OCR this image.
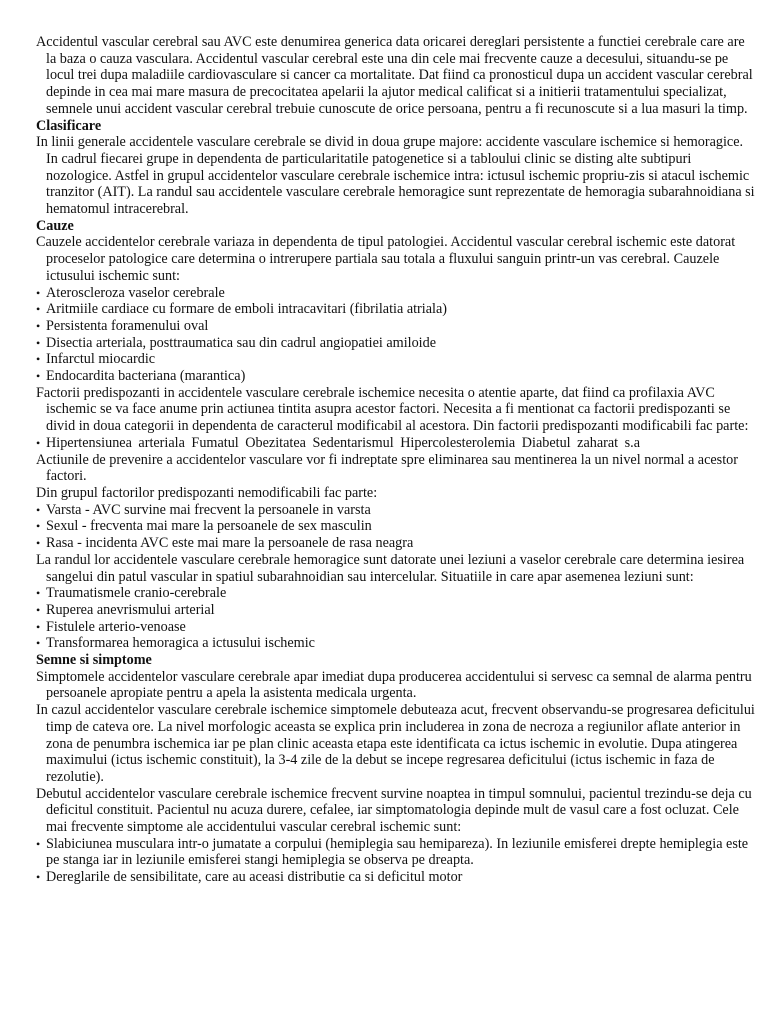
Accidentul vascular cerebral sau AVC este denumirea generica data oricarei dereglari persistente a functiei cerebrale care are la baza o cauza vasculara. Accidentul vascular cerebral este una din cele mai frecvente cauze a decesului, situandu-se pe locul trei dupa maladiile cardiovasculare si cancer ca mortalitate. Dat fiind ca pronosticul dupa un accident vascular cerebral depinde in cea mai mare masura de precocitatea apelarii la ajutor medical calificat si a initierii tratamentului specializat, semnele unui accident vascular cerebral trebuie cunoscute de orice persoana, pentru a fi recunoscute si a lua masuri la timp.

Clasificare

In linii generale accidentele vasculare cerebrale se divid in doua grupe majore: accidente vasculare ischemice si hemoragice. In cadrul fiecarei grupe in dependenta de particularitatile patogenetice si a tabloului clinic se disting alte subtipuri nozologice. Astfel in grupul accidentelor vasculare cerebrale ischemice intra: ictusul ischemic propriu-zis si atacul ischemic tranzitor (AIT). La randul sau accidentele vasculare cerebrale hemoragice sunt reprezentate de hemoragia subarahnoidiana si hematomul intracerebral.

Cauze

Cauzele accidentelor cerebrale variaza in dependenta de tipul patologiei. Accidentul vascular cerebral ischemic este datorat proceselor patologice care determina o intrerupere partiala sau totala a fluxului sanguin printr-un vas cerebral. Cauzele ictusului ischemic sunt:

• Ateroscleroza vaselor cerebrale
• Aritmiile cardiace cu formare de emboli intracavitari (fibrilatia atriala)
• Persistenta foramenului oval
• Disectia arteriala, posttraumatica sau din cadrul angiopatiei amiloide
• Infarctul miocardic
• Endocardita bacteriana (marantica)

Factorii predispozanti in accidentele vasculare cerebrale ischemice necesita o atentie aparte, dat fiind ca profilaxia AVC ischemic se va face anume prin actiunea tintita asupra acestor factori. Necesita a fi mentionat ca factorii predispozanti se divid in doua categorii in dependenta de caracterul modificabil al acestora. Din factorii predispozanti modificabili fac parte:

• Hipertensiunea arteriala Fumatul Obezitatea Sedentarismul Hipercolesterolemia Diabetul zaharat s.a

Actiunile de prevenire a accidentelor vasculare vor fi indreptate spre eliminarea sau mentinerea la un nivel normal a acestor factori.

Din grupul factorilor predispozanti nemodificabili fac parte:

• Varsta - AVC survine mai frecvent la persoanele in varsta
• Sexul - frecventa mai mare la persoanele de sex masculin
• Rasa - incidenta AVC este mai mare la persoanele de rasa neagra

La randul lor accidentele vasculare cerebrale hemoragice sunt datorate unei leziuni a vaselor cerebrale care determina iesirea sangelui din patul vascular in spatiul subarahnoidian sau intercelular. Situatiile in care apar asemenea leziuni sunt:

• Traumatismele cranio-cerebrale
• Ruperea anevrismului arterial
• Fistulele arterio-venoase
• Transformarea hemoragica a ictusului ischemic

Semne si simptome

Simptomele accidentelor vasculare cerebrale apar imediat dupa producerea accidentului si servesc ca semnal de alarma pentru persoanele apropiate pentru a apela la asistenta medicala urgenta.

In cazul accidentelor vasculare cerebrale ischemice simptomele debuteaza acut, frecvent observandu-se progresarea deficitului timp de cateva ore. La nivel morfologic aceasta se explica prin includerea in zona de necroza a regiunilor aflate anterior in zona de penumbra ischemica iar pe plan clinic aceasta etapa este identificata ca ictus ischemic in evolutie. Dupa atingerea maximului (ictus ischemic constituit), la 3-4 zile de la debut se incepe regresarea deficitului (ictus ischemic in faza de rezolutie).

Debutul accidentelor vasculare cerebrale ischemice frecvent survine noaptea in timpul somnului, pacientul trezindu-se deja cu deficitul constituit. Pacientul nu acuza durere, cefalee, iar simptomatologia depinde mult de vasul care a fost ocluzat. Cele mai frecvente simptome ale accidentului vascular cerebral ischemic sunt:

• Slabiciunea musculara intr-o jumatate a corpului (hemiplegia sau hemipareza). In leziunile emisferei drepte hemiplegia este pe stanga iar in leziunile emisferei stangi hemiplegia se observa pe dreapta.
• Dereglarile de sensibilitate, care au aceasi distributie ca si deficitul motor
